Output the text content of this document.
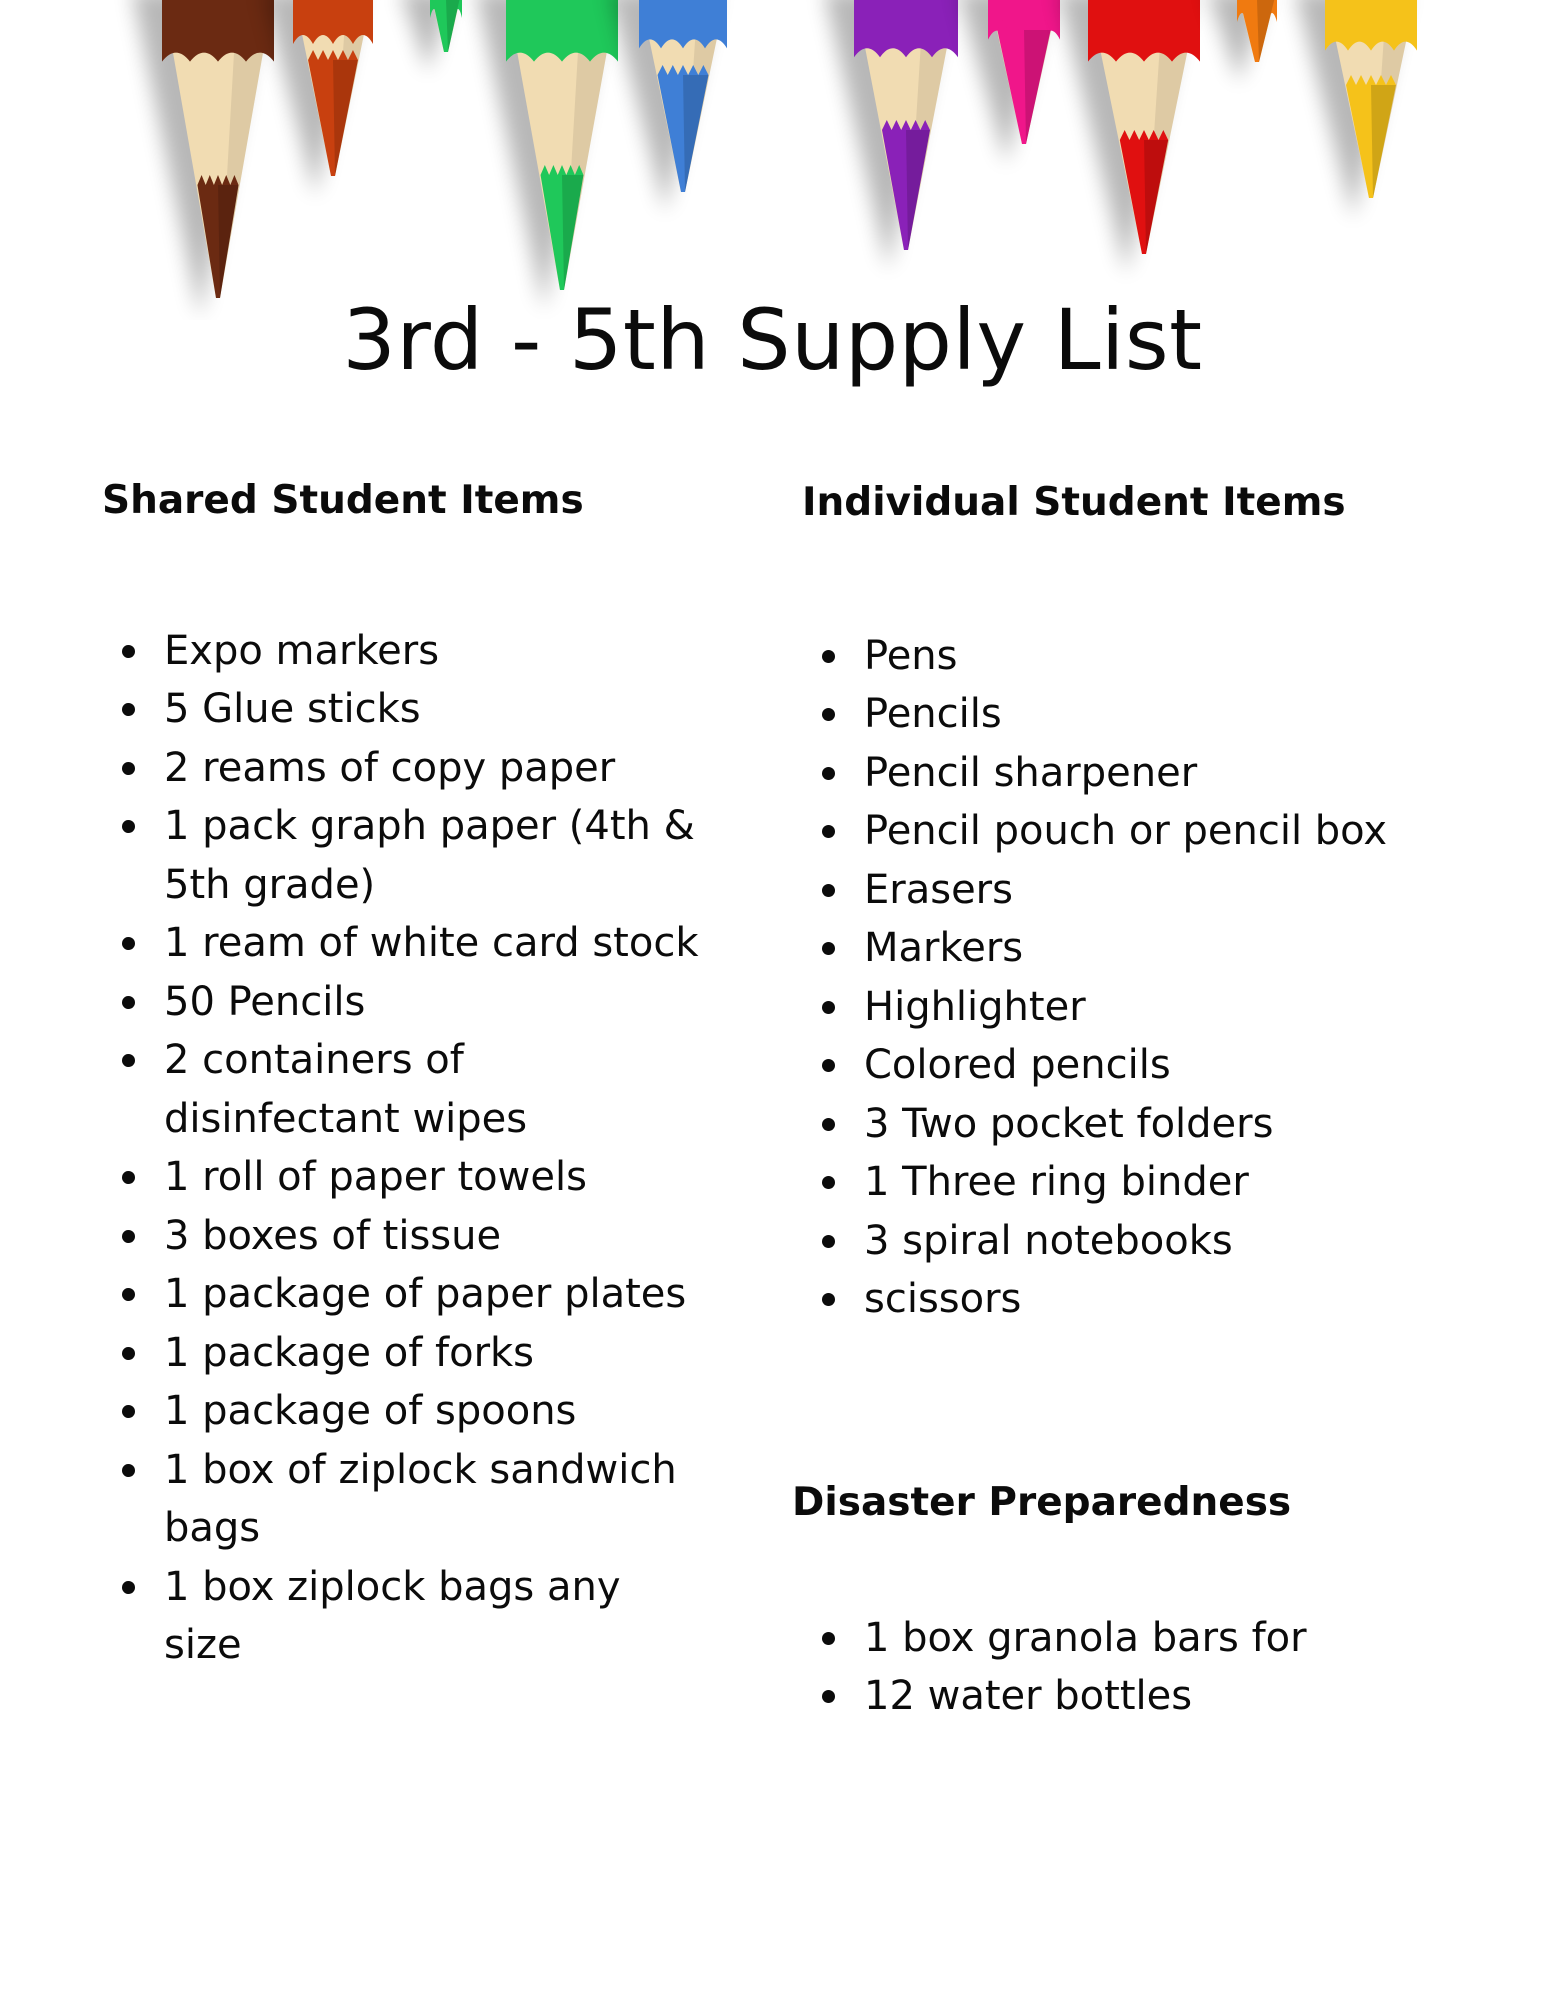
3rd - 5th Supply List
Shared Student Items
Expo markers
5 Glue sticks
2 reams of copy paper
1 pack graph paper (4th & 5th grade)
1 ream of white card stock
50 Pencils
2 containers of disinfectant wipes
1 roll of paper towels
3 boxes of tissue
1 package of paper plates
1 package of forks
1 package of spoons
1 box of ziplock sandwich bags
1 box ziplock bags any size
Individual Student Items
Pens
Pencils
Pencil sharpener
Pencil pouch or pencil box
Erasers
Markers
Highlighter
Colored pencils
3 Two pocket folders
1 Three ring binder
3 spiral notebooks
scissors
Disaster Preparedness
1 box granola bars for
12 water bottles
